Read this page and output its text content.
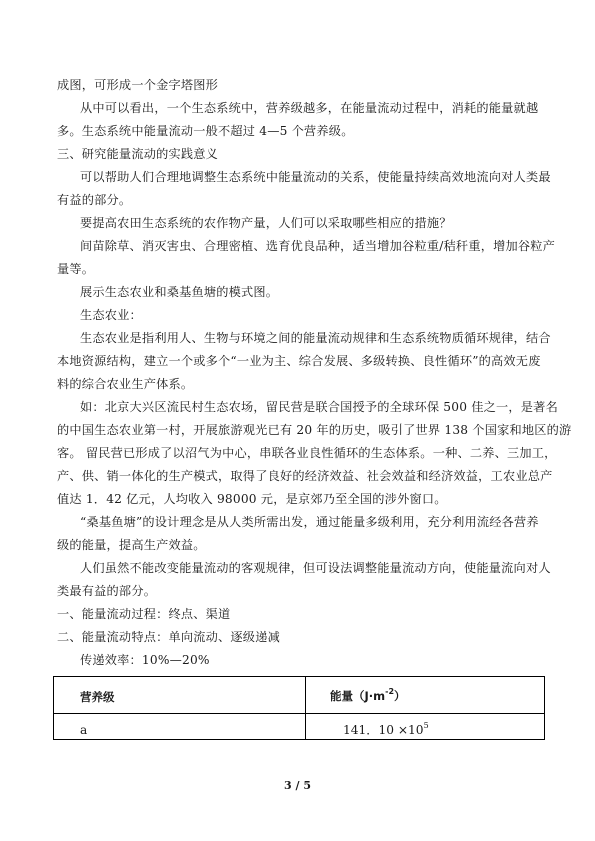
成图，可形成一个金字塔图形
从中可以看出，一个生态系统中，营养级越多，在能量流动过程中，消耗的能量就越
多。生态系统中能量流动一般不超过 4—5 个营养级。
三、研究能量流动的实践意义
可以帮助人们合理地调整生态系统中能量流动的关系，使能量持续高效地流向对人类最
有益的部分。
要提高农田生态系统的农作物产量，人们可以采取哪些相应的措施？
间苗除草、消灭害虫、合理密植、选育优良品种，适当增加谷粒重/秸秆重，增加谷粒产
量等。
展示生态农业和桑基鱼塘的模式图。
生态农业：
生态农业是指利用人、生物与环境之间的能量流动规律和生态系统物质循环规律，结合
本地资源结构，建立一个或多个“一业为主、综合发展、多级转换、良性循环”的高效无废
料的综合农业生产体系。
如：北京大兴区流民村生态农场，留民营是联合国授予的全球环保 500 佳之一，是著名
的中国生态农业第一村，开展旅游观光已有 20 年的历史，吸引了世界 138 个国家和地区的游
客。 留民营已形成了以沼气为中心，串联各业良性循环的生态体系。一种、二养、三加工，
产、供、销一体化的生产模式，取得了良好的经济效益、社会效益和经济效益，工农业总产
值达 1．42 亿元，人均收入 98000 元，是京郊乃至全国的涉外窗口。
“桑基鱼塘”的设计理念是从人类所需出发，通过能量多级利用，充分利用流经各营养
级的能量，提高生产效益。
人们虽然不能改变能量流动的客观规律，但可设法调整能量流动方向，使能量流向对人
类最有益的部分。
一、能量流动过程：终点、渠道
二、能量流动特点：单向流动、逐级递减
传递效率：10%—20%
营养级	能量$(J\cdot m^{-2})$
a	141．$10 \times 10^5$
3 / 5
